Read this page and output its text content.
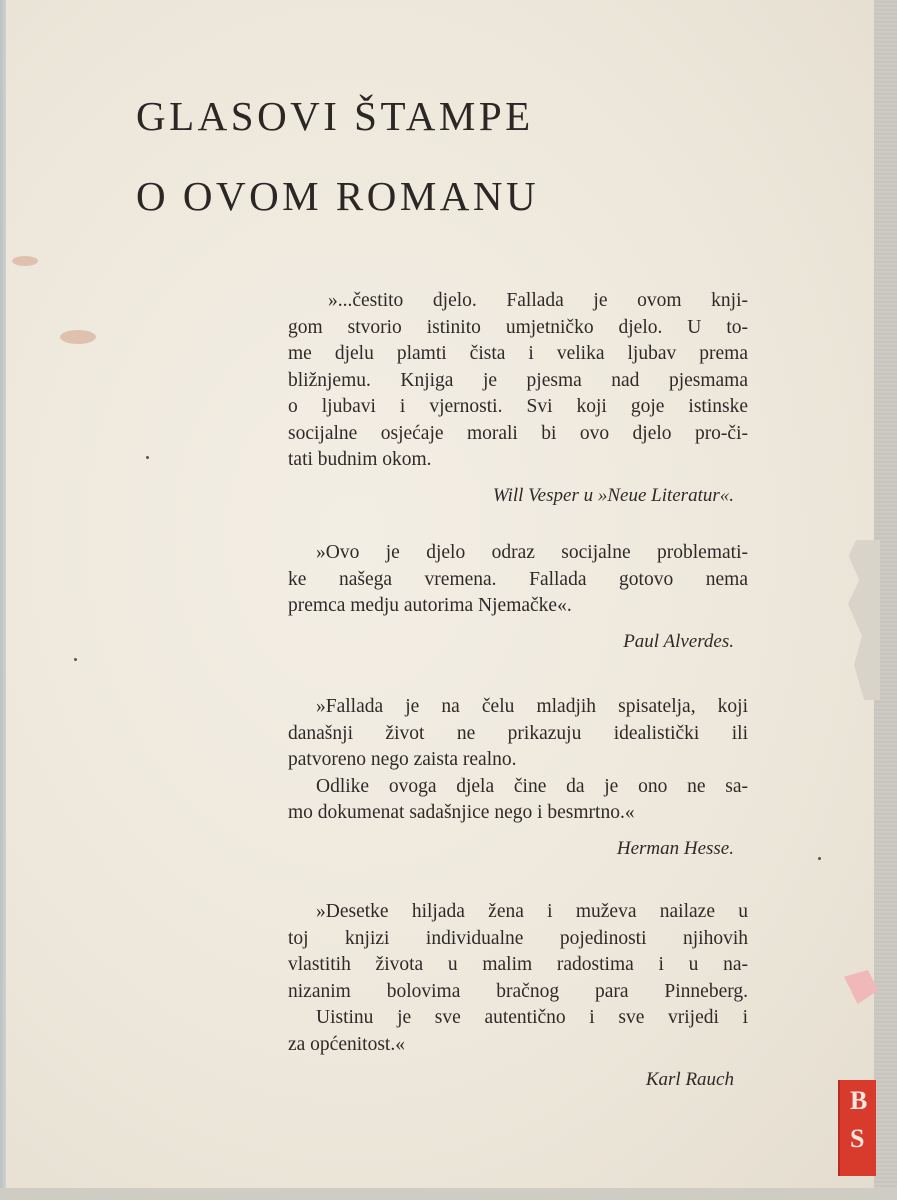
B
S
GLASOVI ŠTAMPE
O OVOM ROMANU

»...čestito djelo. Fallada je ovom knji-

gom stvorio istinito umjetničko djelo. U to-

me djelu plamti čista i velika ljubav prema

bližnjemu. Knjiga je pjesma nad pjesmama

o ljubavi i vjernosti. Svi koji goje istinske

socijalne osjećaje morali bi ovo djelo pro-či-

tati budnim okom.

Will Vesper u »Neue Literatur«.

»Ovo je djelo odraz socijalne problemati-

ke našega vremena. Fallada gotovo nema

premca medju autorima Njemačke«.

Paul Alverdes.

»Fallada je na čelu mladjih spisatelja, koji

današnji život ne prikazuju idealistički ili

patvoreno nego zaista realno.

Odlike ovoga djela čine da je ono ne sa-

mo dokumenat sadašnjice nego i besmrtno.«

Herman Hesse.

»Desetke hiljada žena i muževa nailaze u

toj knjizi individualne pojedinosti njihovih

vlastitih života u malim radostima i u na-

nizanim bolovima bračnog para Pinneberg.

Uistinu je sve autentično i sve vrijedi i

za općenitost.«

Karl Rauch
